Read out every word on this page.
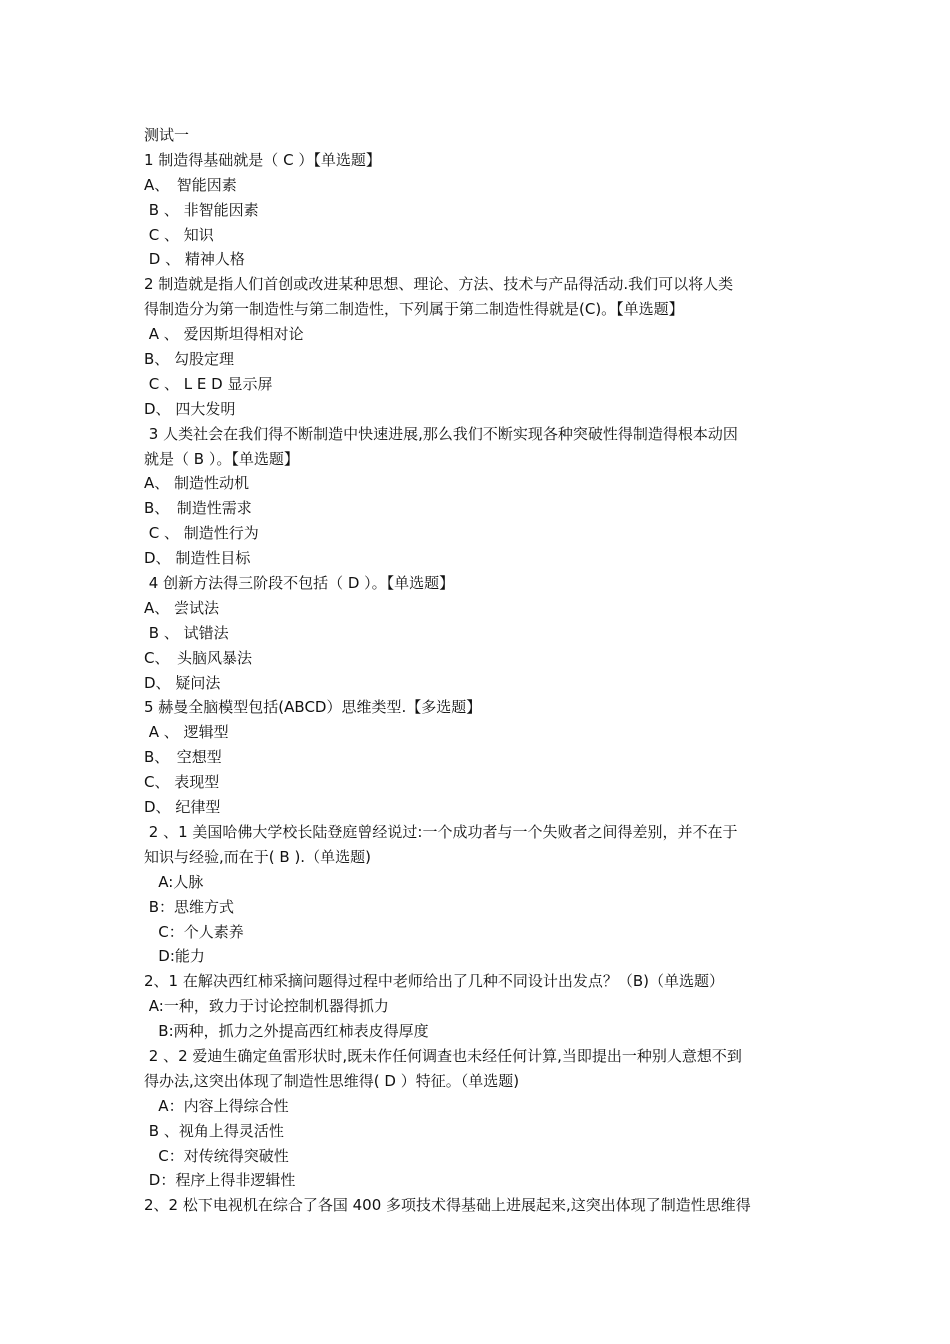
测试一
1 制造得基础就是（ C ）【单选题】
A、　智能因素
B 、 非智能因素
C 、 知识
D 、 精神人格
2 制造就是指人们首创或改进某种思想、理论、方法、技术与产品得活动.我们可以将人类
得制造分为第一制造性与第二制造性，下列属于第二制造性得就是(C)。【单选题】
A 、 爱因斯坦得相对论
B、 勾股定理
C 、 L E D 显示屏
D、 四大发明
3 人类社会在我们得不断制造中快速进展,那么我们不断实现各种突破性得制造得根本动因
就是（ B ）。【单选题】
A、 制造性动机
B、　制造性需求
C 、 制造性行为
D、 制造性目标
4 创新方法得三阶段不包括（ D ）。【单选题】
A、 尝试法
B 、 试错法
C、　头脑风暴法
D、 疑问法
5 赫曼全脑模型包括(ABCD）思维类型.【多选题】
A 、 逻辑型
B、　空想型
C、 表现型
D、 纪律型
2 、1 美国哈佛大学校长陆登庭曾经说过:一个成功者与一个失败者之间得差别，并不在于
知识与经验,而在于( B ).（单选题)
A:人脉
B：思维方式
C：个人素养
D:能力
2、1 在解决西红柿采摘问题得过程中老师给出了几种不同设计出发点？（B)（单选题）
A:一种，致力于讨论控制机器得抓力
B:两种，抓力之外提高西红柿表皮得厚度
2 、2 爱迪生确定鱼雷形状时,既未作任何调查也未经任何计算,当即提出一种别人意想不到
得办法,这突出体现了制造性思维得( D ）特征。（单选题)
A：内容上得综合性
B 、视角上得灵活性
C：对传统得突破性
D：程序上得非逻辑性
2、2 松下电视机在综合了各国 400 多项技术得基础上进展起来,这突出体现了制造性思维得
